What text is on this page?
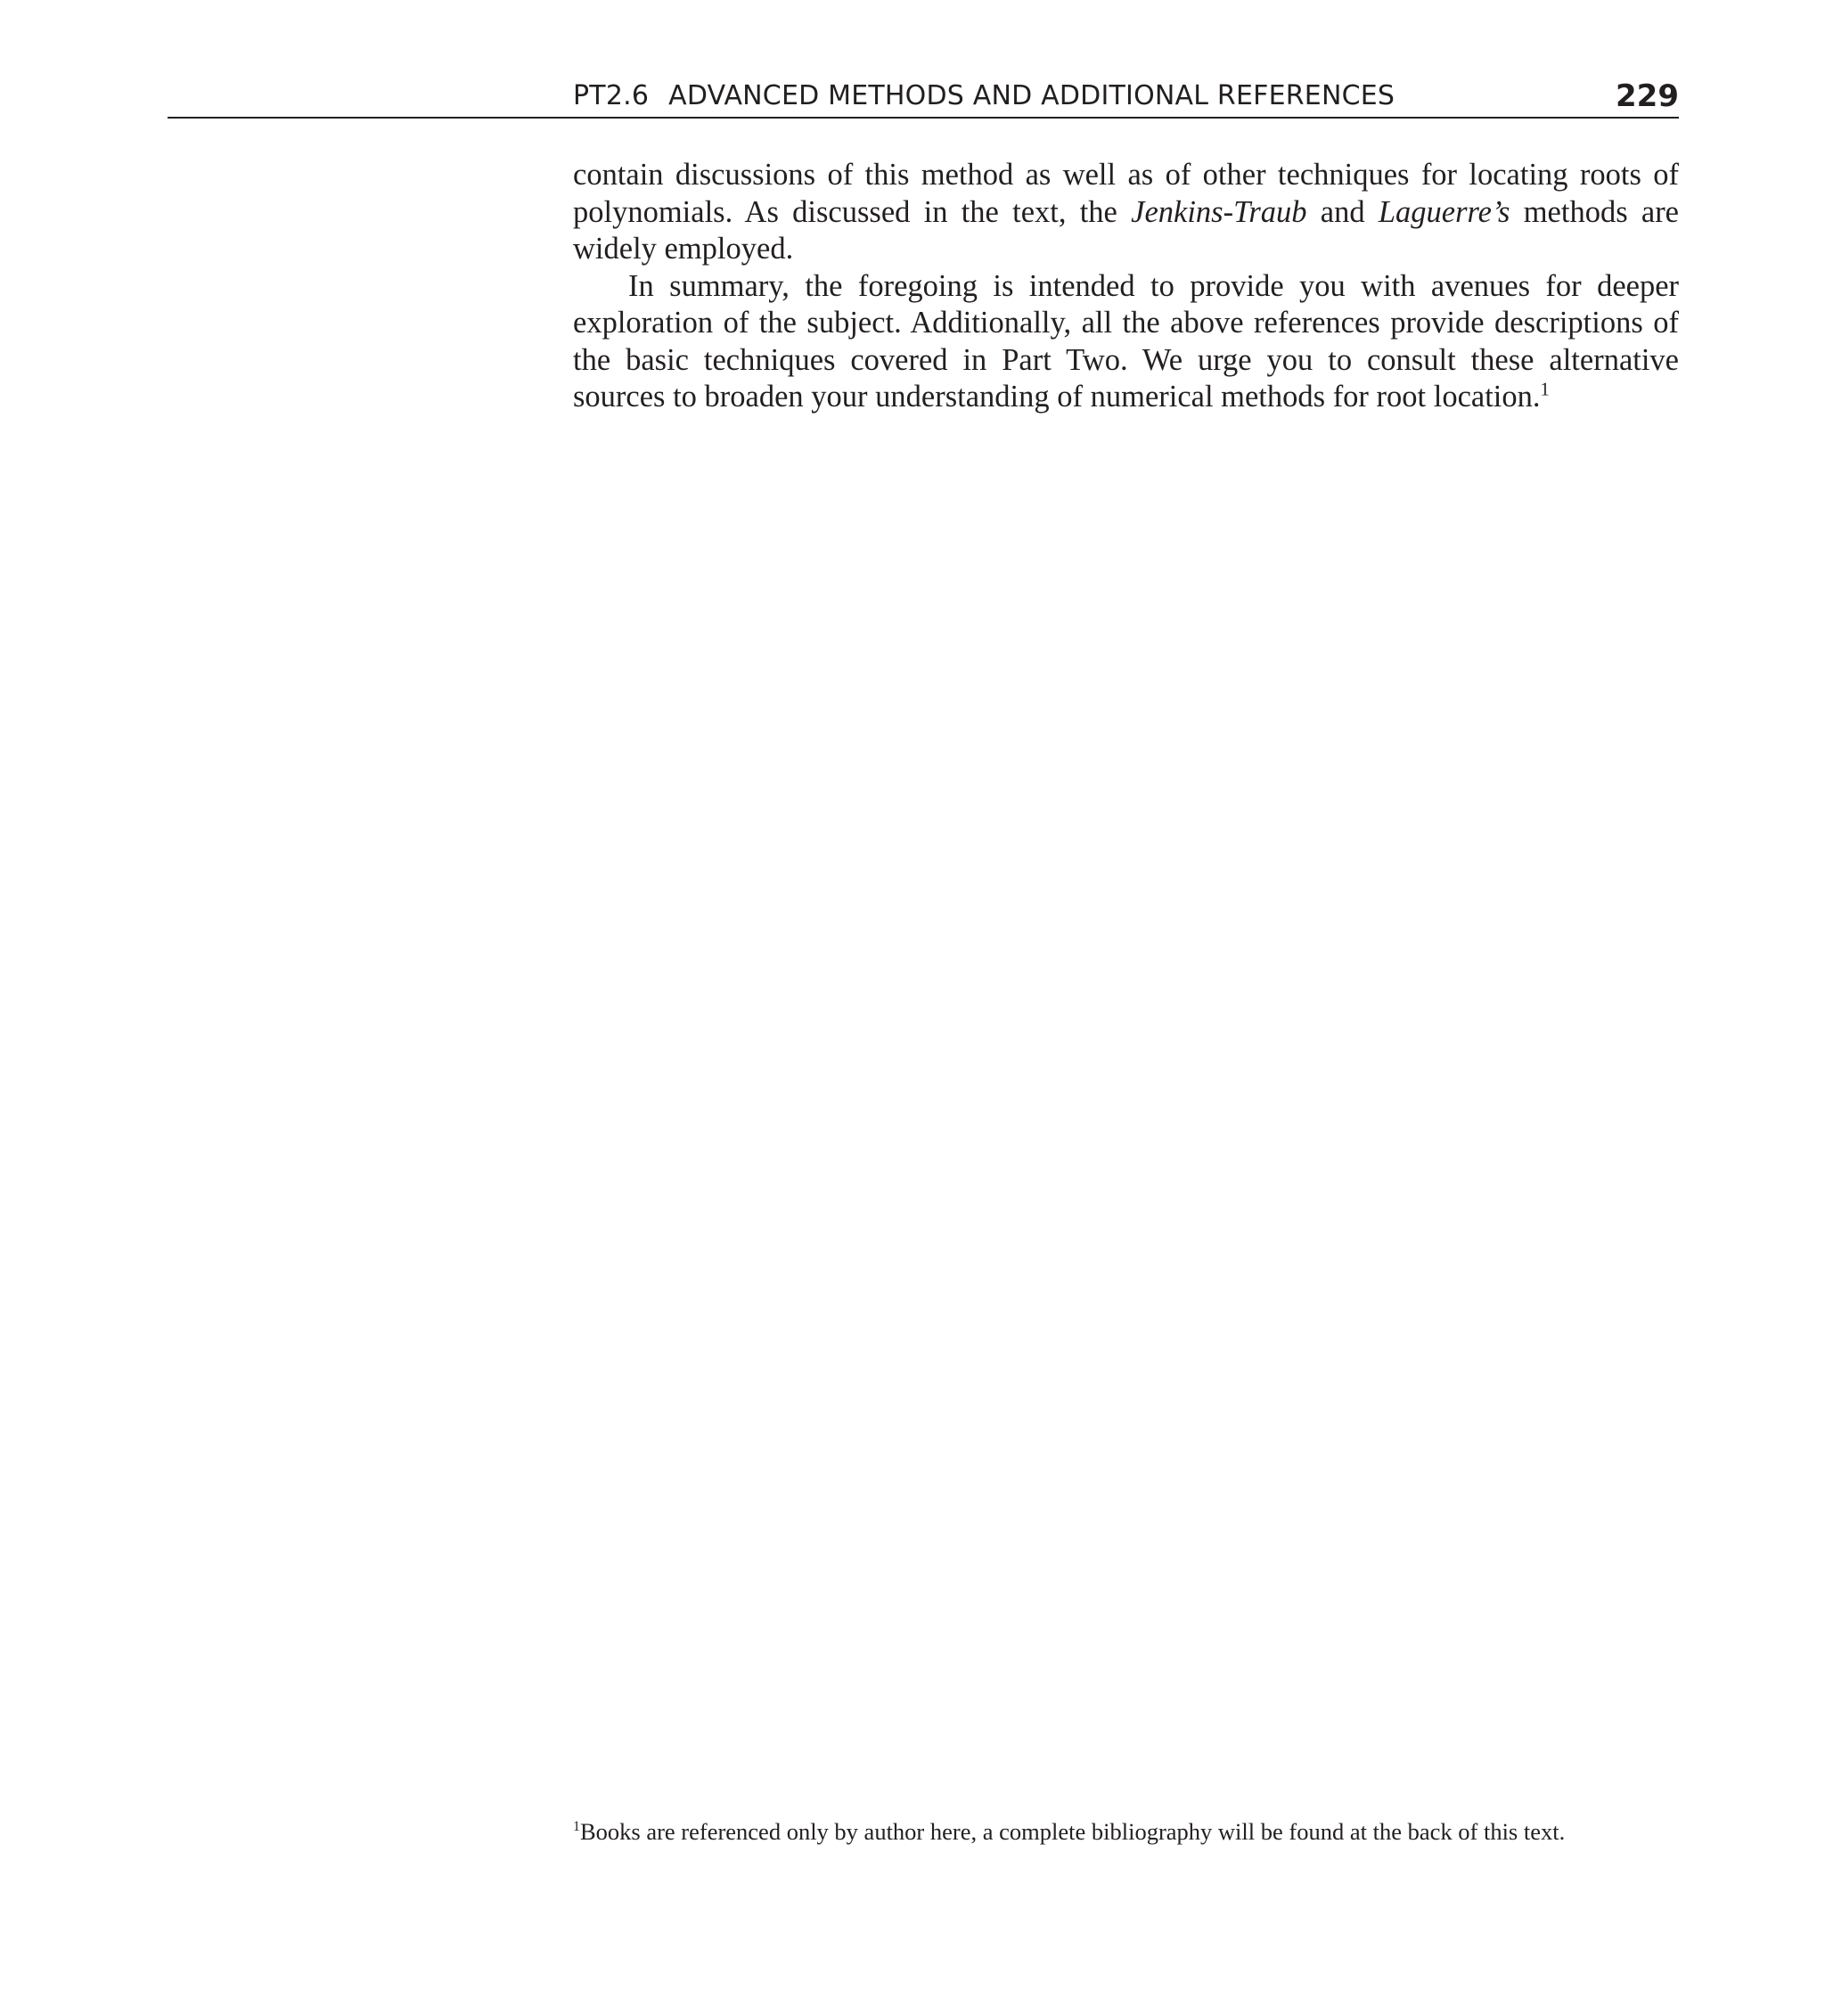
PT2.6 ADVANCED METHODS AND ADDITIONAL REFERENCES	229

contain discussions of this method as well as of other techniques for locating roots of polynomials. As discussed in the text, the Jenkins-Traub and Laguerre’s methods are widely employed.

In summary, the foregoing is intended to provide you with avenues for deeper exploration of the subject. Additionally, all the above references provide descriptions of the basic techniques covered in Part Two. We urge you to consult these alternative sources to broaden your understanding of numerical methods for root location.$^1$

$^1$Books are referenced only by author here, a complete bibliography will be found at the back of this text.
